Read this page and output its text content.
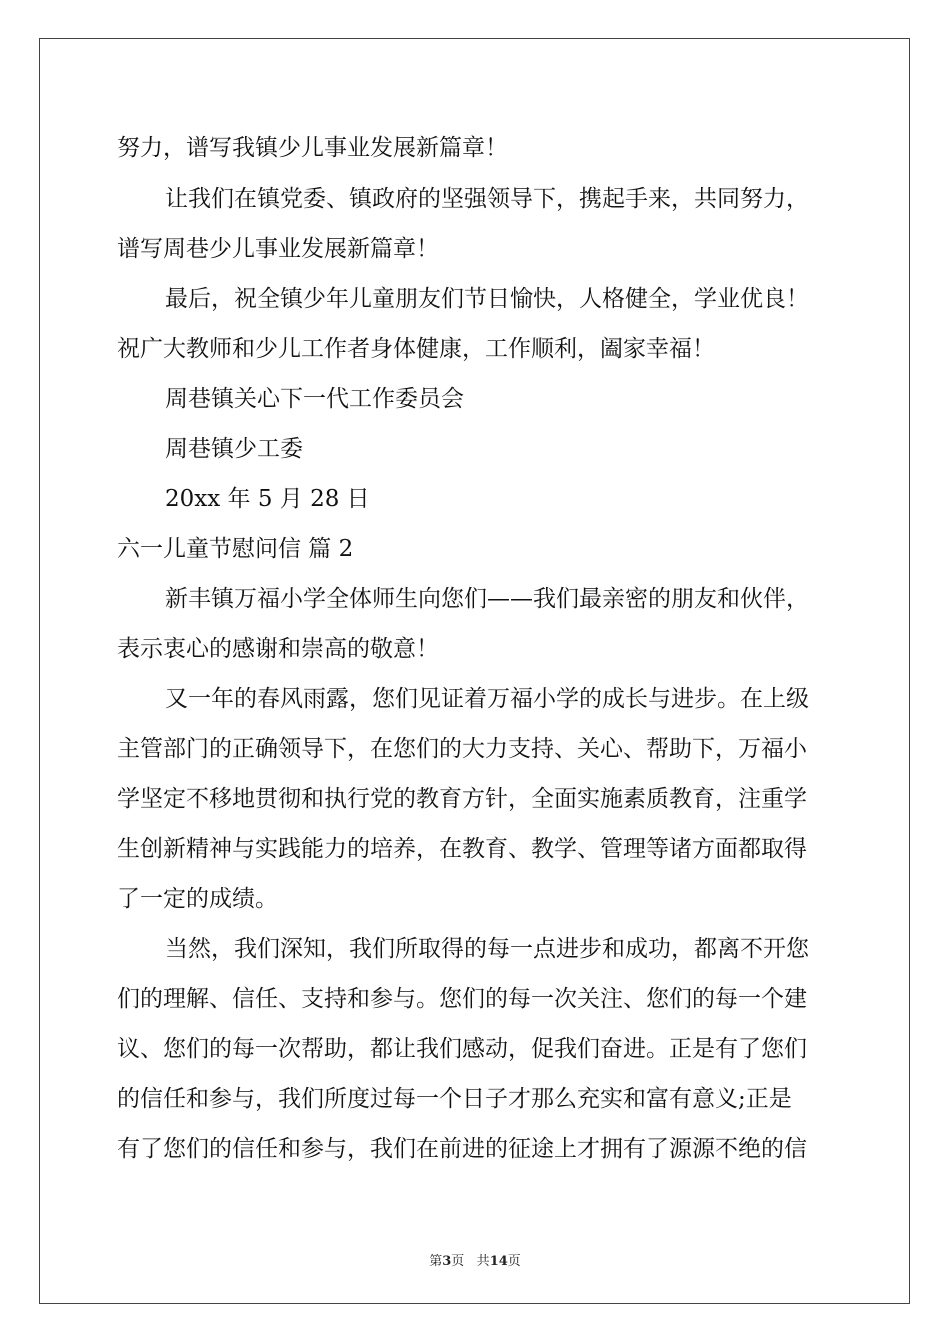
努力，谱写我镇少儿事业发展新篇章！
让我们在镇党委、镇政府的坚强领导下，携起手来，共同努力，
谱写周巷少儿事业发展新篇章！
最后，祝全镇少年儿童朋友们节日愉快，人格健全，学业优良！
祝广大教师和少儿工作者身体健康，工作顺利，阖家幸福！
周巷镇关心下一代工作委员会
周巷镇少工委
20xx 年 5 月 28 日
六一儿童节慰问信 篇 2
新丰镇万福小学全体师生向您们——我们最亲密的朋友和伙伴，
表示衷心的感谢和崇高的敬意！
又一年的春风雨露，您们见证着万福小学的成长与进步。在上级
主管部门的正确领导下，在您们的大力支持、关心、帮助下，万福小
学坚定不移地贯彻和执行党的教育方针，全面实施素质教育，注重学
生创新精神与实践能力的培养，在教育、教学、管理等诸方面都取得
了一定的成绩。
当然，我们深知，我们所取得的每一点进步和成功，都离不开您
们的理解、信任、支持和参与。您们的每一次关注、您们的每一个建
议、您们的每一次帮助，都让我们感动，促我们奋进。正是有了您们
的信任和参与，我们所度过每一个日子才那么充实和富有意义;正是
有了您们的信任和参与，我们在前进的征途上才拥有了源源不绝的信
第3页 共14页
